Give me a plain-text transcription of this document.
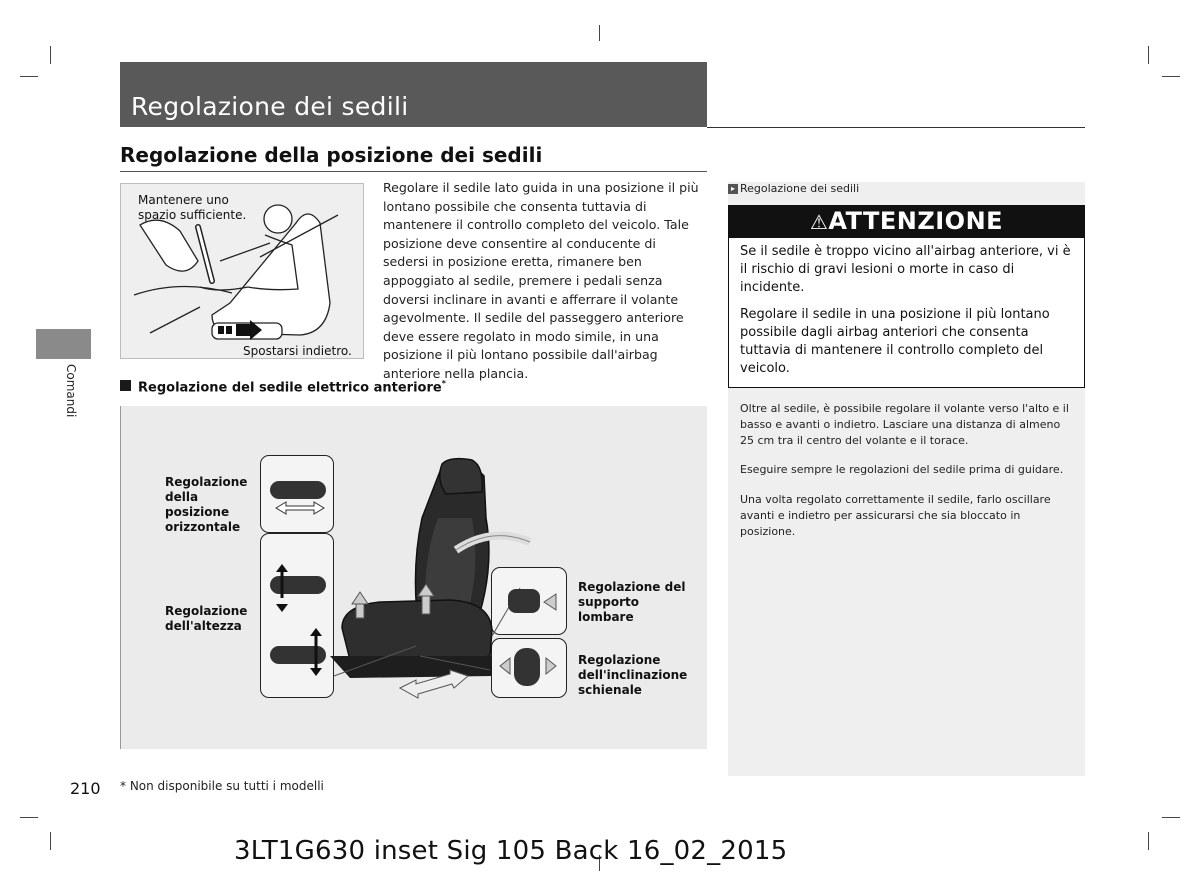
Regolazione dei sedili
Regolazione della posizione dei sedili
Comandi
Mantenere uno spazio sufficiente.
Spostarsi indietro.
Regolare il sedile lato guida in una posizione il più lontano possibile che consenta tuttavia di mantenere il controllo completo del veicolo. Tale posizione deve consentire al conducente di sedersi in posizione eretta, rimanere ben appoggiato al sedile, premere i pedali senza doversi inclinare in avanti e afferrare il volante agevolmente. Il sedile del passeggero anteriore deve essere regolato in modo simile, in una posizione il più lontano possibile dall'airbag anteriore nella plancia.
Regolazione del sedile elettrico anteriore*
Regolazione della posizione orizzontale
Regolazione dell'altezza
Regolazione del supporto lombare
Regolazione dell'inclinazione schienale
▸ Regolazione dei sedili
⚠ATTENZIONE
Se il sedile è troppo vicino all'airbag anteriore, vi è il rischio di gravi lesioni o morte in caso di incidente.
Regolare il sedile in una posizione il più lontano possibile dagli airbag anteriori che consenta tuttavia di mantenere il controllo completo del veicolo.
Oltre al sedile, è possibile regolare il volante verso l'alto e il basso e avanti o indietro. Lasciare una distanza di almeno 25 cm tra il centro del volante e il torace.
Eseguire sempre le regolazioni del sedile prima di guidare.
Una volta regolato correttamente il sedile, farlo oscillare avanti e indietro per assicurarsi che sia bloccato in posizione.
210 * Non disponibile su tutti i modelli
3LT1G630 inset Sig 105 Back 16_02_2015
